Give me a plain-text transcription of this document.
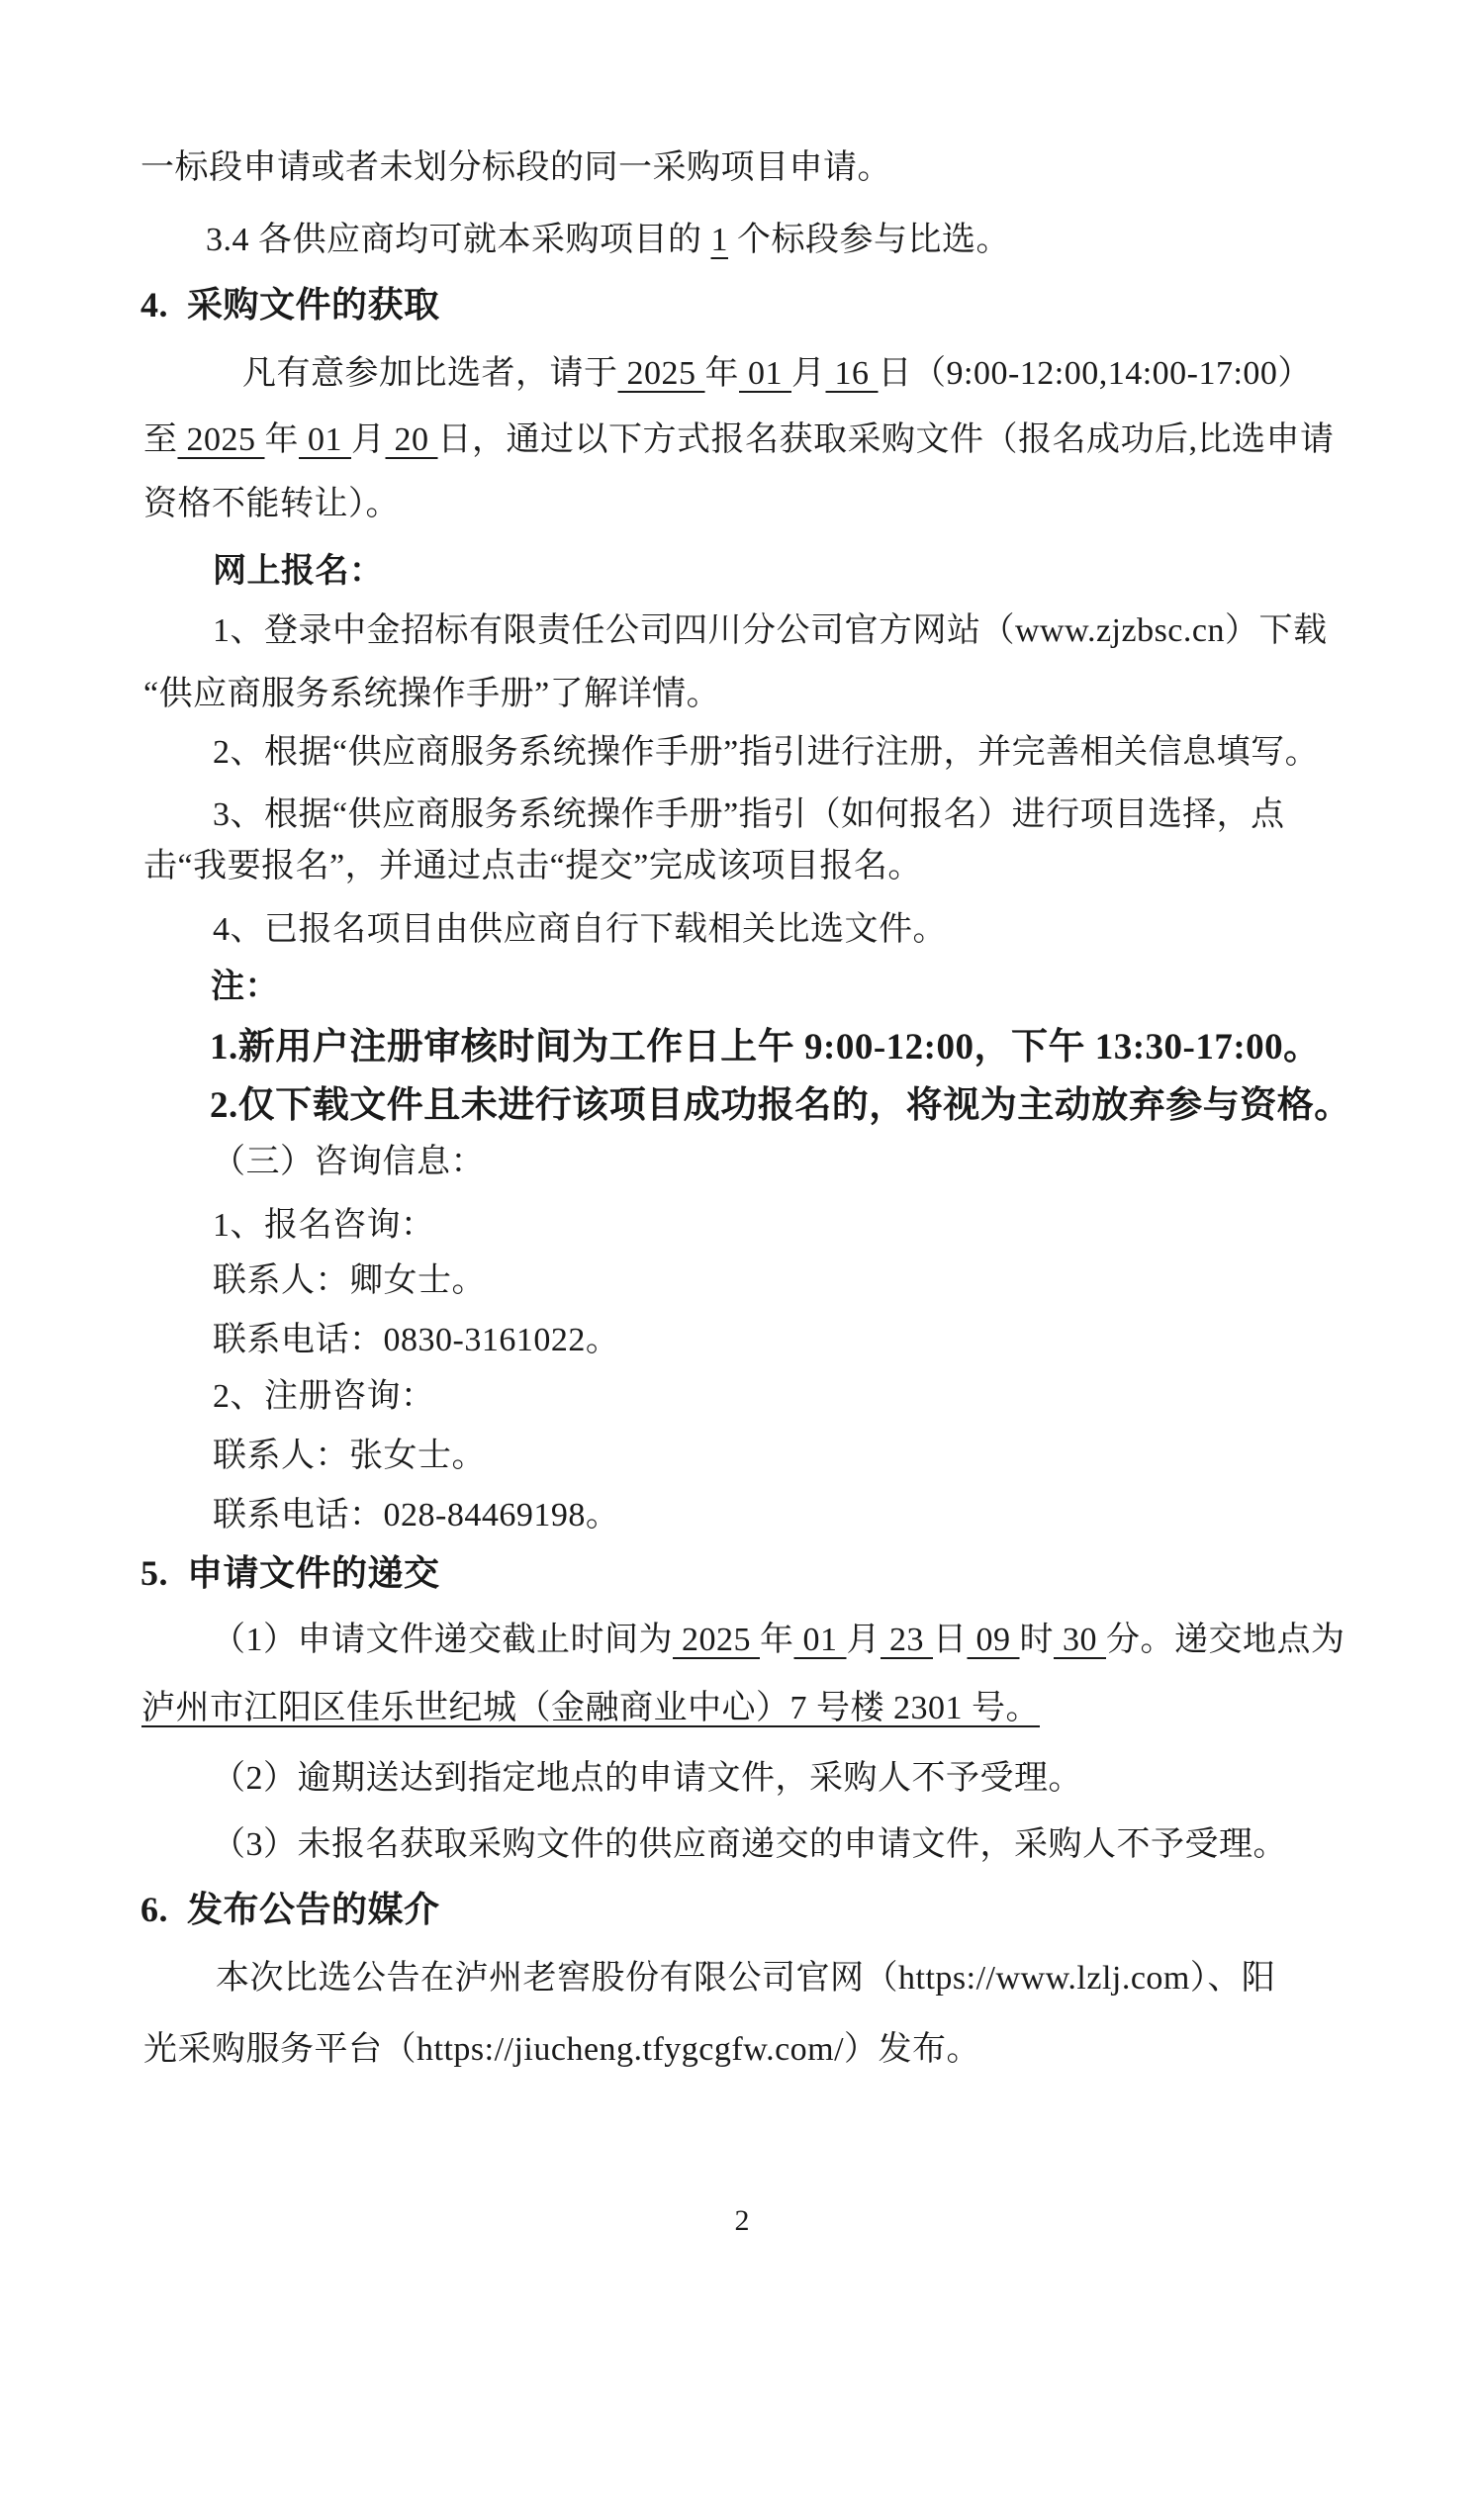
一标段申请或者未划分标段的同一采购项目申请。
3.4 各供应商均可就本采购项目的 1 个标段参与比选。
4.  采购文件的获取
凡有意参加比选者，请于 2025 年 01 月 16 日（9:00-12:00,14:00-17:00）
至 2025 年 01 月 20 日，通过以下方式报名获取采购文件（报名成功后,比选申请
资格不能转让）。
网上报名：
1、登录中金招标有限责任公司四川分公司官方网站（www.zjzbsc.cn）下载
“供应商服务系统操作手册”了解详情。
2、根据“供应商服务系统操作手册”指引进行注册，并完善相关信息填写。
3、根据“供应商服务系统操作手册”指引（如何报名）进行项目选择，点
击“我要报名”，并通过点击“提交”完成该项目报名。
4、已报名项目由供应商自行下载相关比选文件。
注：
1.新用户注册审核时间为工作日上午 9:00-12:00，下午 13:30-17:00。
2.仅下载文件且未进行该项目成功报名的，将视为主动放弃参与资格。
（三）咨询信息：
1、报名咨询：
联系人：卿女士。
联系电话：0830-3161022。
2、注册咨询：
联系人：张女士。
联系电话：028-84469198。
5.  申请文件的递交
（1）申请文件递交截止时间为 2025 年 01 月 23 日 09 时 30 分。递交地点为
泸州市江阳区佳乐世纪城（金融商业中心）7 号楼 2301 号。
（2）逾期送达到指定地点的申请文件，采购人不予受理。
（3）未报名获取采购文件的供应商递交的申请文件，采购人不予受理。
6.  发布公告的媒介
本次比选公告在泸州老窖股份有限公司官网（https://www.lzlj.com）、阳
光采购服务平台（https://jiucheng.tfygcgfw.com/）发布。
2
